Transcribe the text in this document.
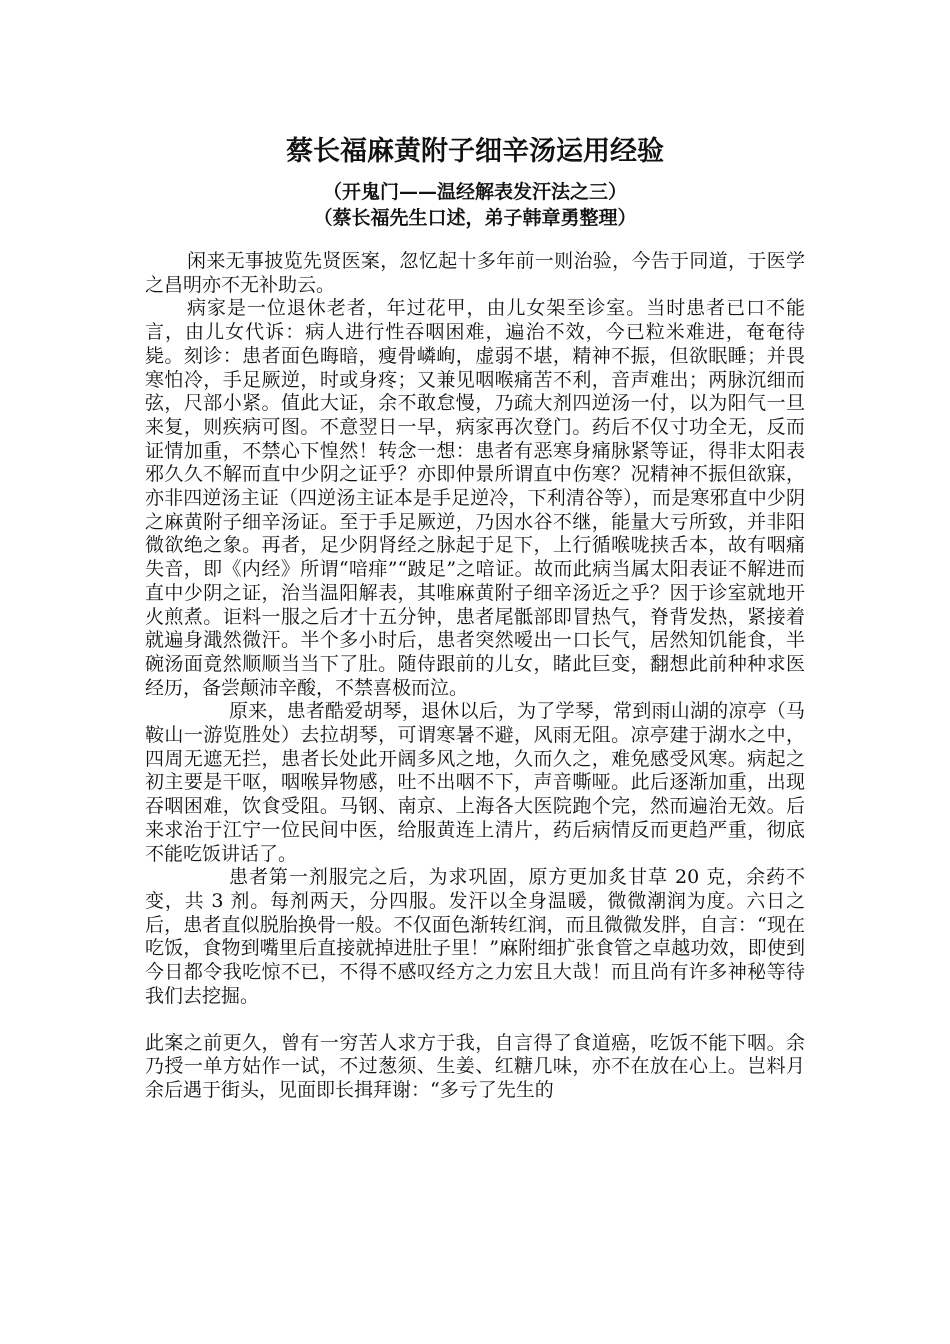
蔡长福麻黄附子细辛汤运用经验
（开鬼门——温经解表发汗法之三）
（蔡长福先生口述，弟子韩章勇整理）

闲来无事披览先贤医案，忽忆起十多年前一则治验，今告于同道，于医学之昌明亦不无补助云。

病家是一位退休老者，年过花甲，由儿女架至诊室。当时患者已口不能言，由儿女代诉：病人进行性吞咽困难，遍治不效，今已粒米难进，奄奄待毙。刻诊：患者面色晦暗，瘦骨嶙峋，虚弱不堪，精神不振，但欲眠睡；并畏寒怕冷，手足厥逆，时或身疼；又兼见咽喉痛苦不利，音声难出；两脉沉细而弦，尺部小紧。值此大证，余不敢怠慢，乃疏大剂四逆汤一付，以为阳气一旦来复，则疾病可图。不意翌日一早，病家再次登门。药后不仅寸功全无，反而证情加重，不禁心下惶然！转念一想：患者有恶寒身痛脉紧等证，得非太阳表邪久久不解而直中少阴之证乎？亦即仲景所谓直中伤寒？况精神不振但欲寐，亦非四逆汤主证（四逆汤主证本是手足逆冷，下利清谷等），而是寒邪直中少阴之麻黄附子细辛汤证。至于手足厥逆，乃因水谷不继，能量大亏所致，并非阳微欲绝之象。再者，足少阴肾经之脉起于足下，上行循喉咙挟舌本，故有咽痛失音，即《内经》所谓“喑痱”“跛足”之喑证。故而此病当属太阳表证不解进而直中少阴之证，治当温阳解表，其唯麻黄附子细辛汤近之乎？因于诊室就地开火煎煮。讵料一服之后才十五分钟，患者尾骶部即冒热气，脊背发热，紧接着就遍身濈然微汗。半个多小时后，患者突然嗳出一口长气，居然知饥能食，半碗汤面竟然顺顺当当下了肚。随侍跟前的儿女，睹此巨变，翻想此前种种求医经历，备尝颠沛辛酸，不禁喜极而泣。

原来，患者酷爱胡琴，退休以后，为了学琴，常到雨山湖的凉亭（马鞍山一游览胜处）去拉胡琴，可谓寒暑不避，风雨无阻。凉亭建于湖水之中，四周无遮无拦，患者长处此开阔多风之地，久而久之，难免感受风寒。病起之初主要是干呕，咽喉异物感，吐不出咽不下，声音嘶哑。此后逐渐加重，出现吞咽困难，饮食受阻。马钢、南京、上海各大医院跑个完，然而遍治无效。后来求治于江宁一位民间中医，给服黄连上清片，药后病情反而更趋严重，彻底不能吃饭讲话了。

患者第一剂服完之后，为求巩固，原方更加炙甘草 20 克，余药不变，共 3 剂。每剂两天，分四服。发汗以全身温暖，微微潮润为度。六日之后，患者直似脱胎换骨一般。不仅面色渐转红润，而且微微发胖，自言：“现在吃饭，食物到嘴里后直接就掉进肚子里！”麻附细扩张食管之卓越功效，即使到今日都令我吃惊不已，不得不感叹经方之力宏且大哉！而且尚有许多神秘等待我们去挖掘。

此案之前更久，曾有一穷苦人求方于我，自言得了食道癌，吃饭不能下咽。余乃授一单方姑作一试，不过葱须、生姜、红糖几味，亦不在放在心上。岂料月余后遇于街头，见面即长揖拜谢：“多亏了先生的
